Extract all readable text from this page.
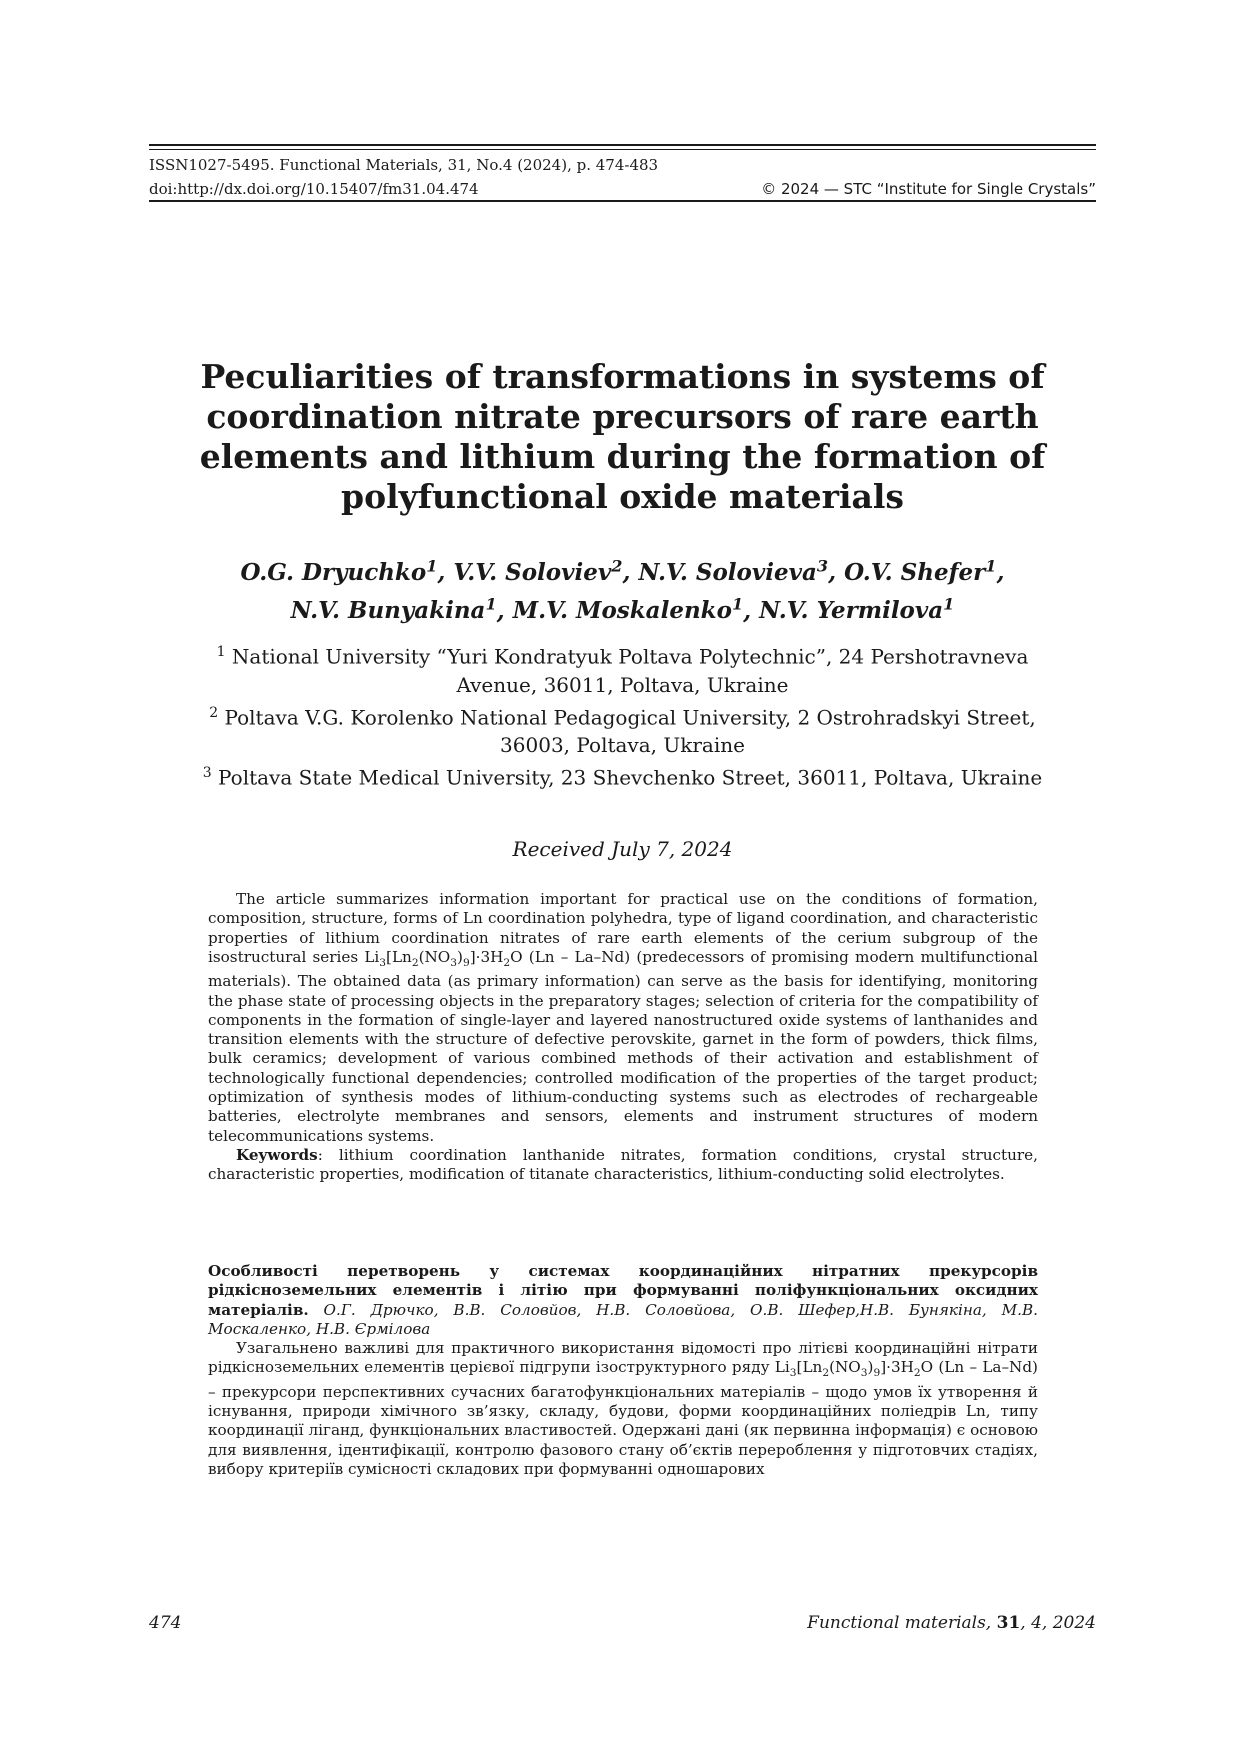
ISSN1027-5495. Functional Materials, 31, No.4 (2024), p. 474-483
doi:http://dx.doi.org/10.15407/fm31.04.474	© 2024 — STC “Institute for Single Crystals”
Peculiarities of transformations in systems of coordination nitrate precursors of rare earth elements and lithium during the formation of polyfunctional oxide materials
O.G. Dryuchko$^1$, V.V. Soloviev$^2$, N.V. Solovieva$^3$, O.V. Shefer$^1$,
N.V. Bunyakina$^1$, M.V. Moskalenko$^1$, N.V. Yermilova$^1$
$^1$ National University “Yuri Kondratyuk Poltava Polytechnic”, 24 Pershotravneva Avenue, 36011, Poltava, Ukraine
$^2$ Poltava V.G. Korolenko National Pedagogical University, 2 Ostrohradskyi Street, 36003, Poltava, Ukraine
$^3$ Poltava State Medical University, 23 Shevchenko Street, 36011, Poltava, Ukraine
Received July 7, 2024

The article summarizes information important for practical use on the conditions of formation, composition, structure, forms of Ln coordination polyhedra, type of ligand coordination, and characteristic properties of lithium coordination nitrates of rare earth elements of the cerium subgroup of the isostructural series $Li_3[Ln_2(NO_3)_9]\cdot 3H_2O$ (Ln – La–Nd) (predecessors of promising modern multifunctional materials). The obtained data (as primary information) can serve as the basis for identifying, monitoring the phase state of processing objects in the preparatory stages; selection of criteria for the compatibility of components in the formation of single-layer and layered nanostructured oxide systems of lanthanides and transition elements with the structure of defective perovskite, garnet in the form of powders, thick films, bulk ceramics; development of various combined methods of their activation and establishment of technologically functional dependencies; controlled modification of the properties of the target product; optimization of synthesis modes of lithium-conducting systems such as electrodes of rechargeable batteries, electrolyte membranes and sensors, elements and instrument structures of modern telecommunications systems.

Keywords: lithium coordination lanthanide nitrates, formation conditions, crystal structure, characteristic properties, modification of titanate characteristics, lithium-conducting solid electrolytes.

Особливості перетворень у системах координаційних нітратних прекурсорів рідкісноземельних елементів і літію при формуванні поліфункціональних оксидних матеріалів. О.Г. Дрючко, В.В. Соловйов, Н.В. Соловйова, О.В. Шефер,Н.В. Бунякіна, М.В. Москаленко, Н.В. Єрмілова

Узагальнено важливі для практичного використання відомості про літієві координаційні нітрати рідкісноземельних елементів церієвої підгрупи ізоструктурного ряду $Li_3[Ln_2(NO_3)_9]\cdot 3H_2O$ (Ln – La–Nd) – прекурсори перспективних сучасних багатофункціональних матеріалів – щодо умов їх утворення й існування, природи хімічного зв’язку, складу, будови, форми координаційних поліедрів Ln, типу координації ліганд, функціональних властивостей. Одержані дані (як первинна інформація) є основою для виявлення, ідентифікації, контролю фазового стану об’єктів перероблення у підготовчих стадіях, вибору критеріїв сумісності складових при формуванні одношарових

474	Functional materials, 31, 4, 2024
